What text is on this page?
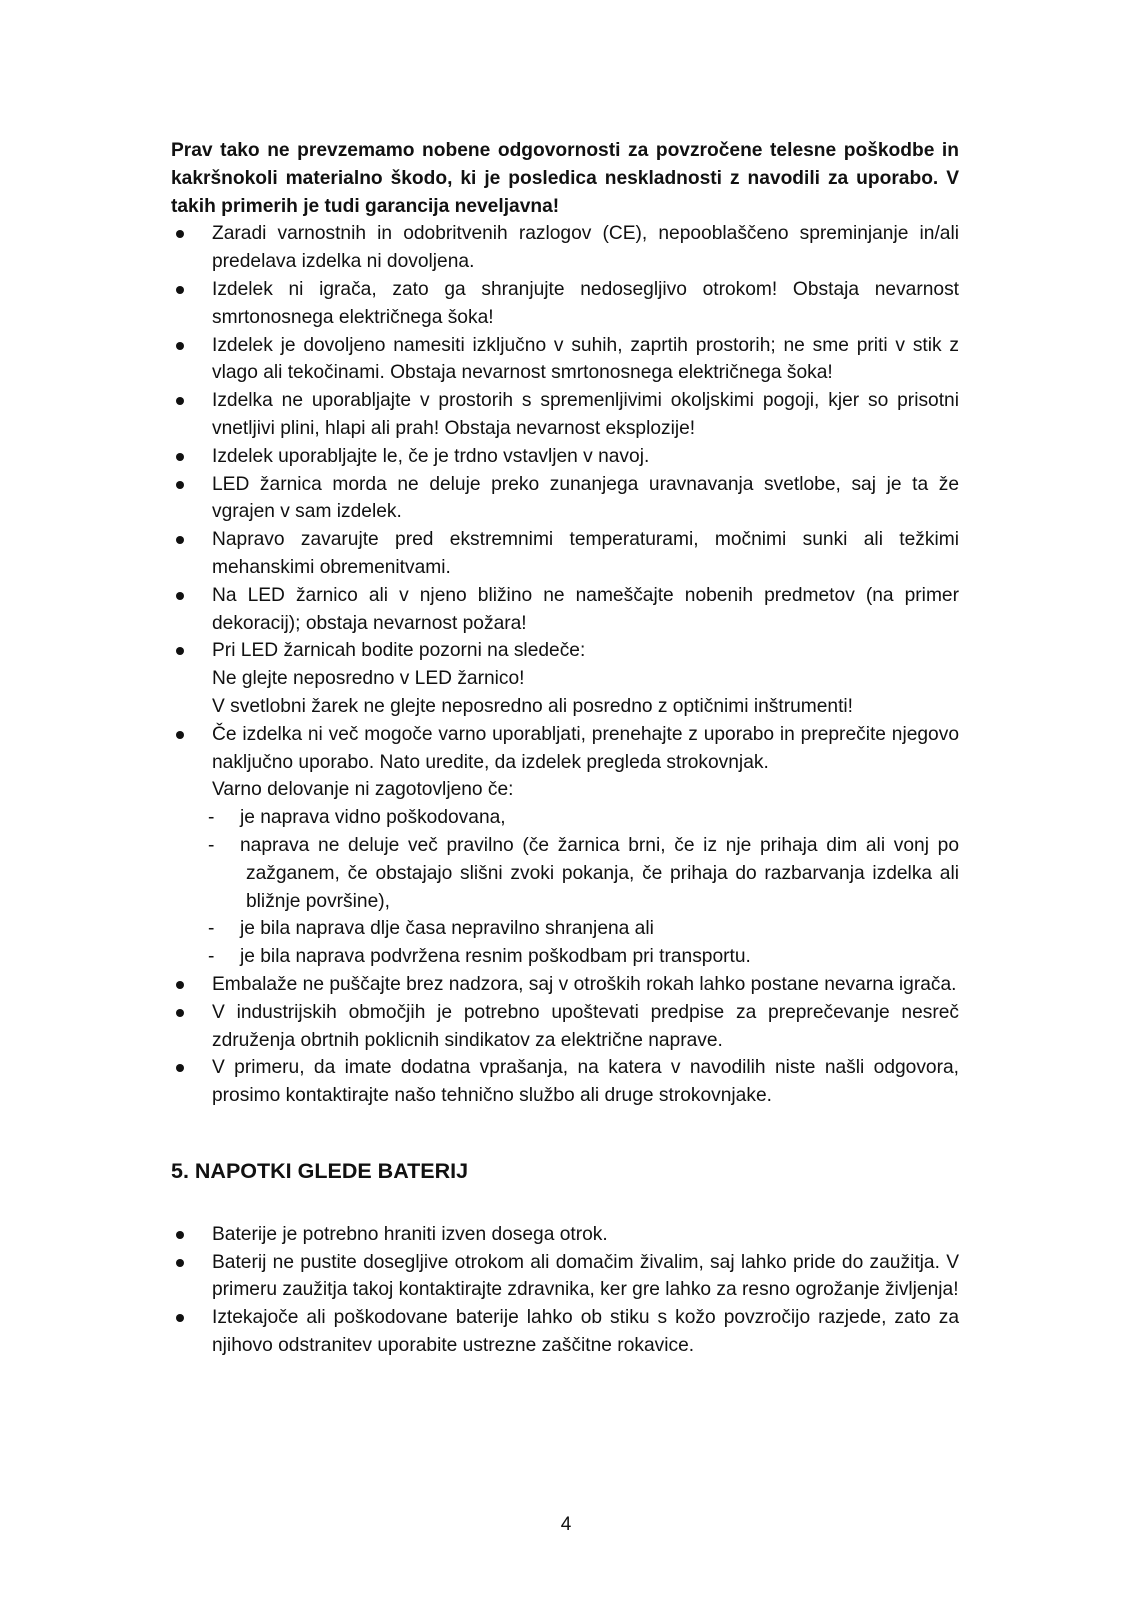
Prav tako ne prevzemamo nobene odgovornosti za povzročene telesne poškodbe in kakršnokoli materialno škodo, ki je posledica neskladnosti z navodili za uporabo. V takih primerih je tudi garancija neveljavna!

Zaradi varnostnih in odobritvenih razlogov (CE), nepooblaščeno spreminjanje in/ali predelava izdelka ni dovoljena.
Izdelek ni igrača, zato ga shranjujte nedosegljivo otrokom! Obstaja nevarnost smrtonosnega električnega šoka!
Izdelek je dovoljeno namesiti izključno v suhih, zaprtih prostorih; ne sme priti v stik z vlago ali tekočinami. Obstaja nevarnost smrtonosnega električnega šoka!
Izdelka ne uporabljajte v prostorih s spremenljivimi okoljskimi pogoji, kjer so prisotni vnetljivi plini, hlapi ali prah! Obstaja nevarnost eksplozije!
Izdelek uporabljajte le, če je trdno vstavljen v navoj.
LED žarnica morda ne deluje preko zunanjega uravnavanja svetlobe, saj je ta že vgrajen v sam izdelek.
Napravo zavarujte pred ekstremnimi temperaturami, močnimi sunki ali težkimi mehanskimi obremenitvami.
Na LED žarnico ali v njeno bližino ne nameščajte nobenih predmetov (na primer dekoracij); obstaja nevarnost požara!
Pri LED žarnicah bodite pozorni na sledeče:
Ne glejte neposredno v LED žarnico!
V svetlobni žarek ne glejte neposredno ali posredno z optičnimi inštrumenti!
Če izdelka ni več mogoče varno uporabljati, prenehajte z uporabo in preprečite njegovo naključno uporabo. Nato uredite, da izdelek pregleda strokovnjak.
Varno delovanje ni zagotovljeno če:
- je naprava vidno poškodovana,
- naprava ne deluje več pravilno (če žarnica brni, če iz nje prihaja dim ali vonj po zažganem, če obstajajo slišni zvoki pokanja, če prihaja do razbarvanja izdelka ali bližnje površine),
- je bila naprava dlje časa nepravilno shranjena ali
- je bila naprava podvržena resnim poškodbam pri transportu.
Embalaže ne puščajte brez nadzora, saj v otroških rokah lahko postane nevarna igrača.
V industrijskih območjih je potrebno upoštevati predpise za preprečevanje nesreč združenja obrtnih poklicnih sindikatov za električne naprave.
V primeru, da imate dodatna vprašanja, na katera v navodilih niste našli odgovora, prosimo kontaktirajte našo tehnično službo ali druge strokovnjake.
5. NAPOTKI GLEDE BATERIJ
Baterije je potrebno hraniti izven dosega otrok.
Baterij ne pustite dosegljive otrokom ali domačim živalim, saj lahko pride do zaužitja. V primeru zaužitja takoj kontaktirajte zdravnika, ker gre lahko za resno ogrožanje življenja!
Iztekajoče ali poškodovane baterije lahko ob stiku s kožo povzročijo razjede, zato za njihovo odstranitev uporabite ustrezne zaščitne rokavice.
4
